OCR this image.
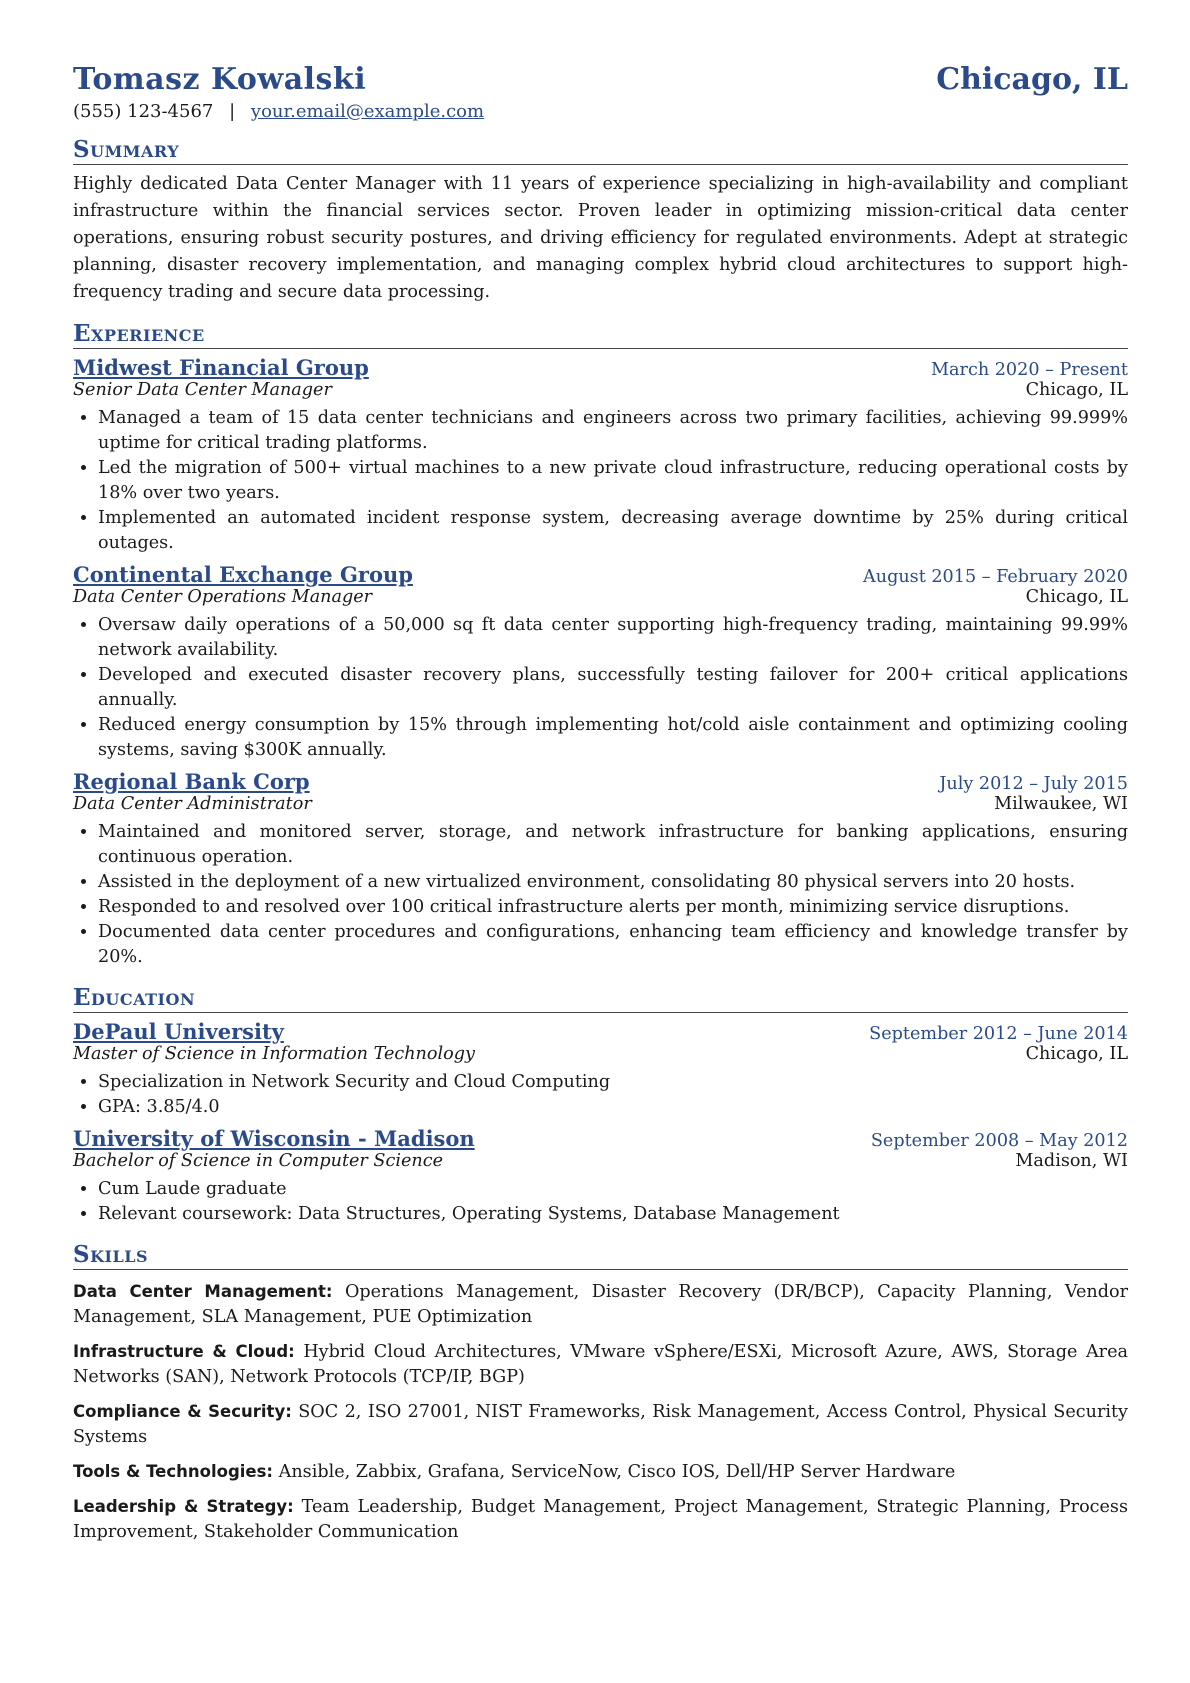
Tomasz Kowalski	Chicago, IL
(555) 123-4567 | your.email@example.com
Summary

Highly dedicated Data Center Manager with 11 years of experience specializing in high-availability and compliant infrastructure within the financial services sector. Proven leader in optimizing mission-critical data center operations, ensuring robust security postures, and driving efficiency for regulated environments. Adept at strategic planning, disaster recovery implementation, and managing complex hybrid cloud architectures to support high-frequency trading and secure data processing.

Experience
Midwest Financial Group	March 2020 – Present
Senior Data Center Manager	Chicago, IL
• Managed a team of 15 data center technicians and engineers across two primary facilities, achieving 99.999% uptime for critical trading platforms.
• Led the migration of 500+ virtual machines to a new private cloud infrastructure, reducing operational costs by 18% over two years.
• Implemented an automated incident response system, decreasing average downtime by 25% during critical outages.
Continental Exchange Group	August 2015 – February 2020
Data Center Operations Manager	Chicago, IL
• Oversaw daily operations of a 50,000 sq ft data center supporting high-frequency trading, maintaining 99.99% network availability.
• Developed and executed disaster recovery plans, successfully testing failover for 200+ critical applications annually.
• Reduced energy consumption by 15% through implementing hot/cold aisle containment and optimizing cooling systems, saving $300K annually.
Regional Bank Corp	July 2012 – July 2015
Data Center Administrator	Milwaukee, WI
• Maintained and monitored server, storage, and network infrastructure for banking applications, ensuring continuous operation.
• Assisted in the deployment of a new virtualized environment, consolidating 80 physical servers into 20 hosts.
• Responded to and resolved over 100 critical infrastructure alerts per month, minimizing service disruptions.
• Documented data center procedures and configurations, enhancing team efficiency and knowledge transfer by 20%.
Education
DePaul University	September 2012 – June 2014
Master of Science in Information Technology	Chicago, IL
• Specialization in Network Security and Cloud Computing
• GPA: 3.85/4.0
University of Wisconsin - Madison	September 2008 – May 2012
Bachelor of Science in Computer Science	Madison, WI
• Cum Laude graduate
• Relevant coursework: Data Structures, Operating Systems, Database Management
Skills
Data Center Management: Operations Management, Disaster Recovery (DR/BCP), Capacity Planning, Vendor Management, SLA Management, PUE Optimization
Infrastructure & Cloud: Hybrid Cloud Architectures, VMware vSphere/ESXi, Microsoft Azure, AWS, Storage Area Networks (SAN), Network Protocols (TCP/IP, BGP)
Compliance & Security: SOC 2, ISO 27001, NIST Frameworks, Risk Management, Access Control, Physical Security Systems
Tools & Technologies: Ansible, Zabbix, Grafana, ServiceNow, Cisco IOS, Dell/HP Server Hardware
Leadership & Strategy: Team Leadership, Budget Management, Project Management, Strategic Planning, Process Improvement, Stakeholder Communication
